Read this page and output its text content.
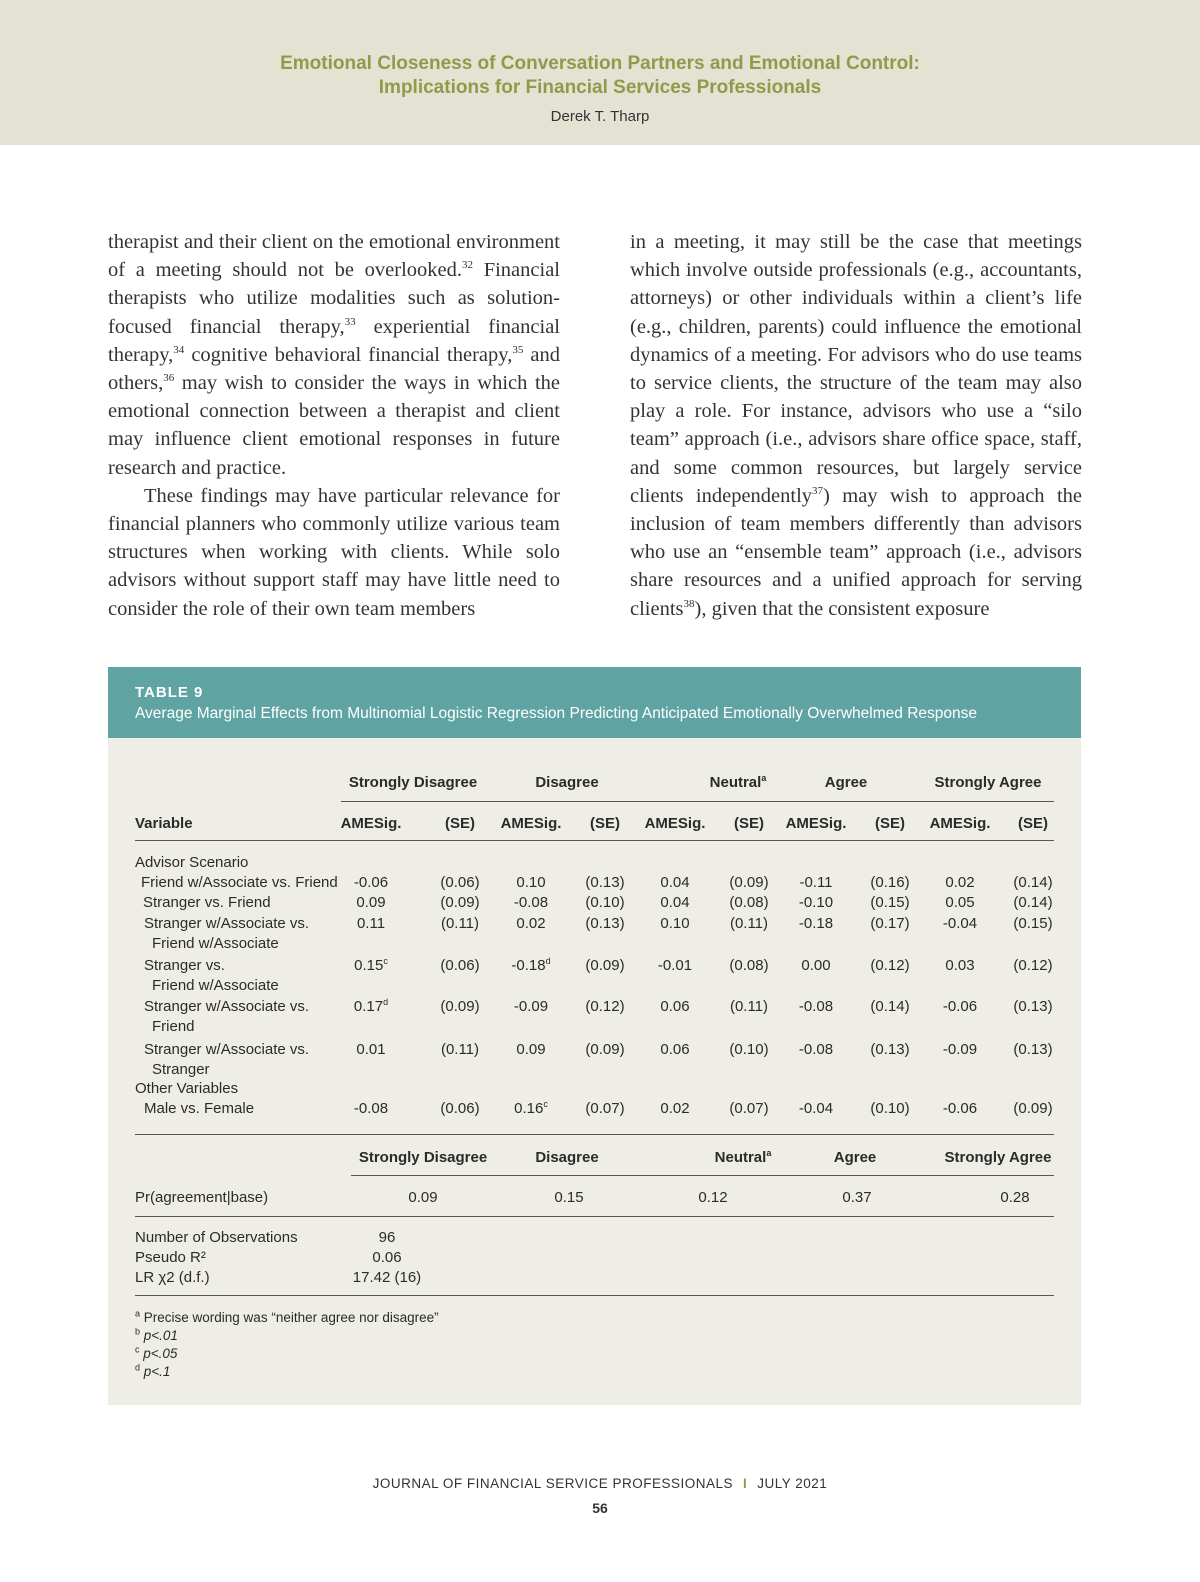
Emotional Closeness of Conversation Partners and Emotional Control:
Implications for Financial Services Professionals
Derek T. Tharp

therapist and their client on the emotional environment of a meeting should not be overlooked.$^{32}$ Financial therapists who utilize modalities such as solution-focused financial therapy,$^{33}$ experiential financial therapy,$^{34}$ cognitive behavioral financial therapy,$^{35}$ and others,$^{36}$ may wish to consider the ways in which the emotional connection between a therapist and client may influence client emotional responses in future research and practice.

These findings may have particular relevance for financial planners who commonly utilize various team structures when working with clients. While solo advisors without support staff may have little need to consider the role of their own team members

in a meeting, it may still be the case that meetings which involve outside professionals (e.g., accountants, attorneys) or other individuals within a client’s life (e.g., children, parents) could influence the emotional dynamics of a meeting. For advisors who do use teams to service clients, the structure of the team may also play a role. For instance, advisors who use a “silo team” approach (i.e., advisors share office space, staff, and some common resources, but largely service clients independently$^{37}$) may wish to approach the inclusion of team members differently than advisors who use an “ensemble team” approach (i.e., advisors share resources and a unified approach for serving clients$^{38}$), given that the consistent exposure

TABLE 9
Average Marginal Effects from Multinomial Logistic Regression Predicting Anticipated Emotionally Overwhelmed Response
Strongly Disagree	Disagree	Neutral$^a$	Agree	Strongly Agree
Variable	AMESig.	(SE)	AMESig.	(SE)	AMESig.	(SE)	AMESig.	(SE)	AMESig.	(SE)
Advisor Scenario
Friend w/Associate vs. Friend	-0.06	(0.06)	0.10	(0.13)	0.04	(0.09)	-0.11	(0.16)	0.02	(0.14)
Stranger vs. Friend	0.09	(0.09)	-0.08	(0.10)	0.04	(0.08)	-0.10	(0.15)	0.05	(0.14)
Stranger w/Associate vs.
Friend w/Associate
0.11	(0.11)	0.02	(0.13)	0.10	(0.11)	-0.18	(0.17)	-0.04	(0.15)
Stranger vs.
Friend w/Associate
0.15$^c$	(0.06)	-0.18$^d$	(0.09)	-0.01	(0.08)	0.00	(0.12)	0.03	(0.12)
Stranger w/Associate vs.
Friend
0.17$^d$	(0.09)	-0.09	(0.12)	0.06	(0.11)	-0.08	(0.14)	-0.06	(0.13)
Stranger w/Associate vs.
Stranger
0.01	(0.11)	0.09	(0.09)	0.06	(0.10)	-0.08	(0.13)	-0.09	(0.13)
Other Variables
Male vs. Female	-0.08	(0.06)	0.16$^c$	(0.07)	0.02	(0.07)	-0.04	(0.10)	-0.06	(0.09)
Strongly Disagree	Disagree	Neutral$^a$	Agree	Strongly Agree
Pr(agreement|base)	0.09	0.15	0.12	0.37	0.28
Number of Observations	96
Pseudo R²	0.06
LR χ2 (d.f.)	17.42 (16)
$^a$ Precise wording was “neither agree nor disagree”
$^b$ p<.01
$^c$ p<.05
$^d$ p<.1
JOURNAL OF FINANCIAL SERVICE PROFESSIONALS I JULY 2021
56
